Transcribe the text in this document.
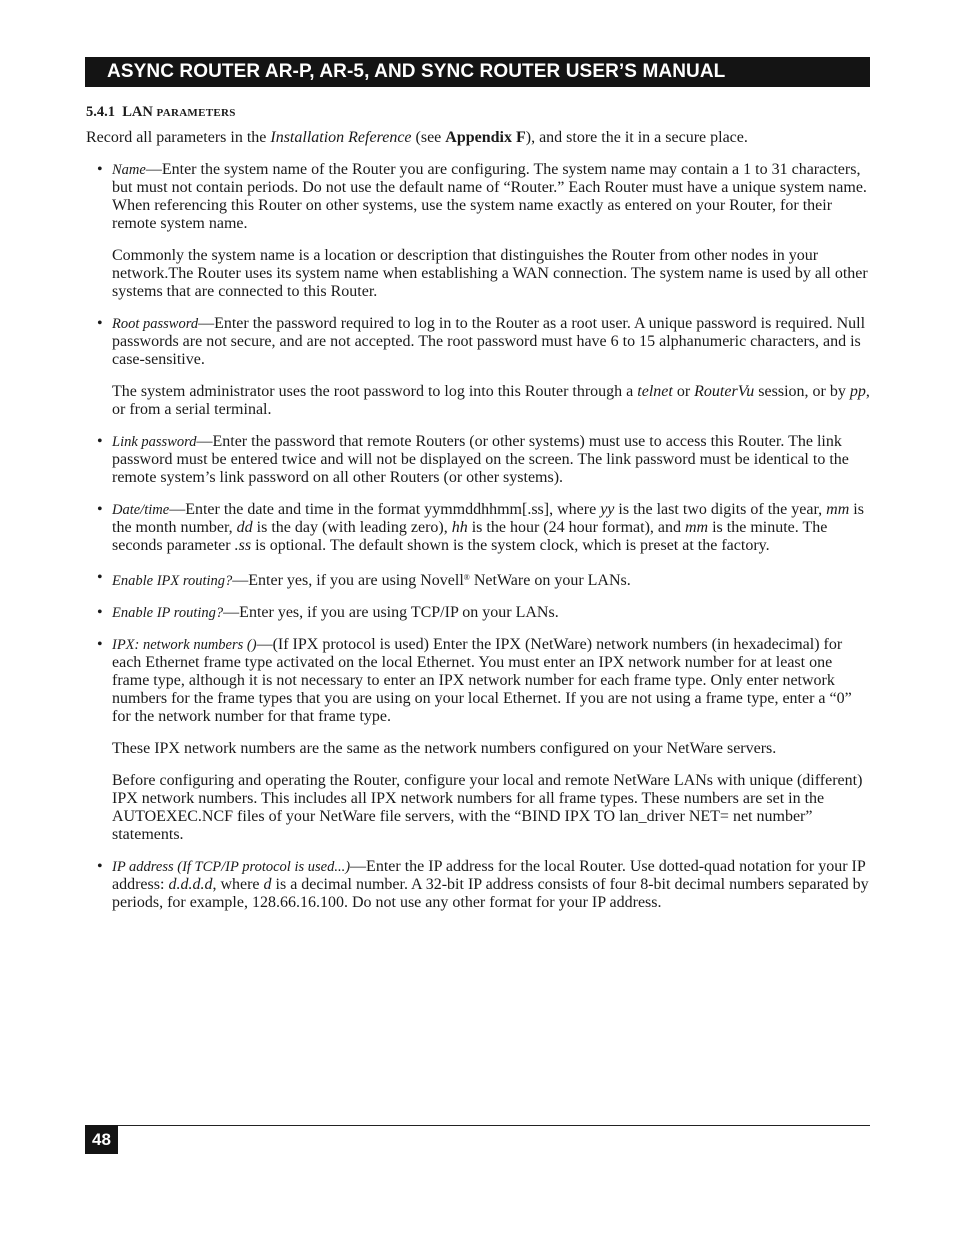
ASYNC ROUTER AR-P, AR-5, AND SYNC ROUTER USER’S MANUAL
5.4.1 LAN PARAMETERS
Record all parameters in the Installation Reference (see Appendix F), and store the it in a secure place.

• Name—Enter the system name of the Router you are configuring. The system name may contain a 1 to 31 characters, but must not contain periods. Do not use the default name of “Router.” Each Router must have a unique system name. When referencing this Router on other systems, use the system name exactly as entered on your Router, for their remote system name.

Commonly the system name is a location or description that distinguishes the Router from other nodes in your network.The Router uses its system name when establishing a WAN connection. The system name is used by all other systems that are connected to this Router.

• Root password—Enter the password required to log in to the Router as a root user. A unique password is required. Null passwords are not secure, and are not accepted. The root password must have 6 to 15 alphanumeric characters, and is case-sensitive.

The system administrator uses the root password to log into this Router through a telnet or RouterVu session, or by pp, or from a serial terminal.

• Link password—Enter the password that remote Routers (or other systems) must use to access this Router. The link password must be entered twice and will not be displayed on the screen. The link password must be identical to the remote system’s link password on all other Routers (or other systems).

• Date/time—Enter the date and time in the format yymmddhhmm[.ss], where yy is the last two digits of the year, mm is the month number, dd is the day (with leading zero), hh is the hour (24 hour format), and mm is the minute. The seconds parameter .ss is optional. The default shown is the system clock, which is preset at the factory.

• Enable IPX routing?—Enter yes, if you are using Novell® NetWare on your LANs.

• Enable IP routing?—Enter yes, if you are using TCP/IP on your LANs.

• IPX: network numbers ()—(If IPX protocol is used) Enter the IPX (NetWare) network numbers (in hexadecimal) for each Ethernet frame type activated on the local Ethernet. You must enter an IPX network number for at least one frame type, although it is not necessary to enter an IPX network number for each frame type. Only enter network numbers for the frame types that you are using on your local Ethernet. If you are not using a frame type, enter a “0” for the network number for that frame type.

These IPX network numbers are the same as the network numbers configured on your NetWare servers.

Before configuring and operating the Router, configure your local and remote NetWare LANs with unique (different) IPX network numbers. This includes all IPX network numbers for all frame types. These numbers are set in the AUTOEXEC.NCF files of your NetWare file servers, with the “BIND IPX TO lan_driver NET= net number” statements.

• IP address (If TCP/IP protocol is used...)—Enter the IP address for the local Router. Use dotted-quad notation for your IP address: d.d.d.d, where d is a decimal number. A 32-bit IP address consists of four 8-bit decimal numbers separated by periods, for example, 128.66.16.100. Do not use any other format for your IP address.

48
